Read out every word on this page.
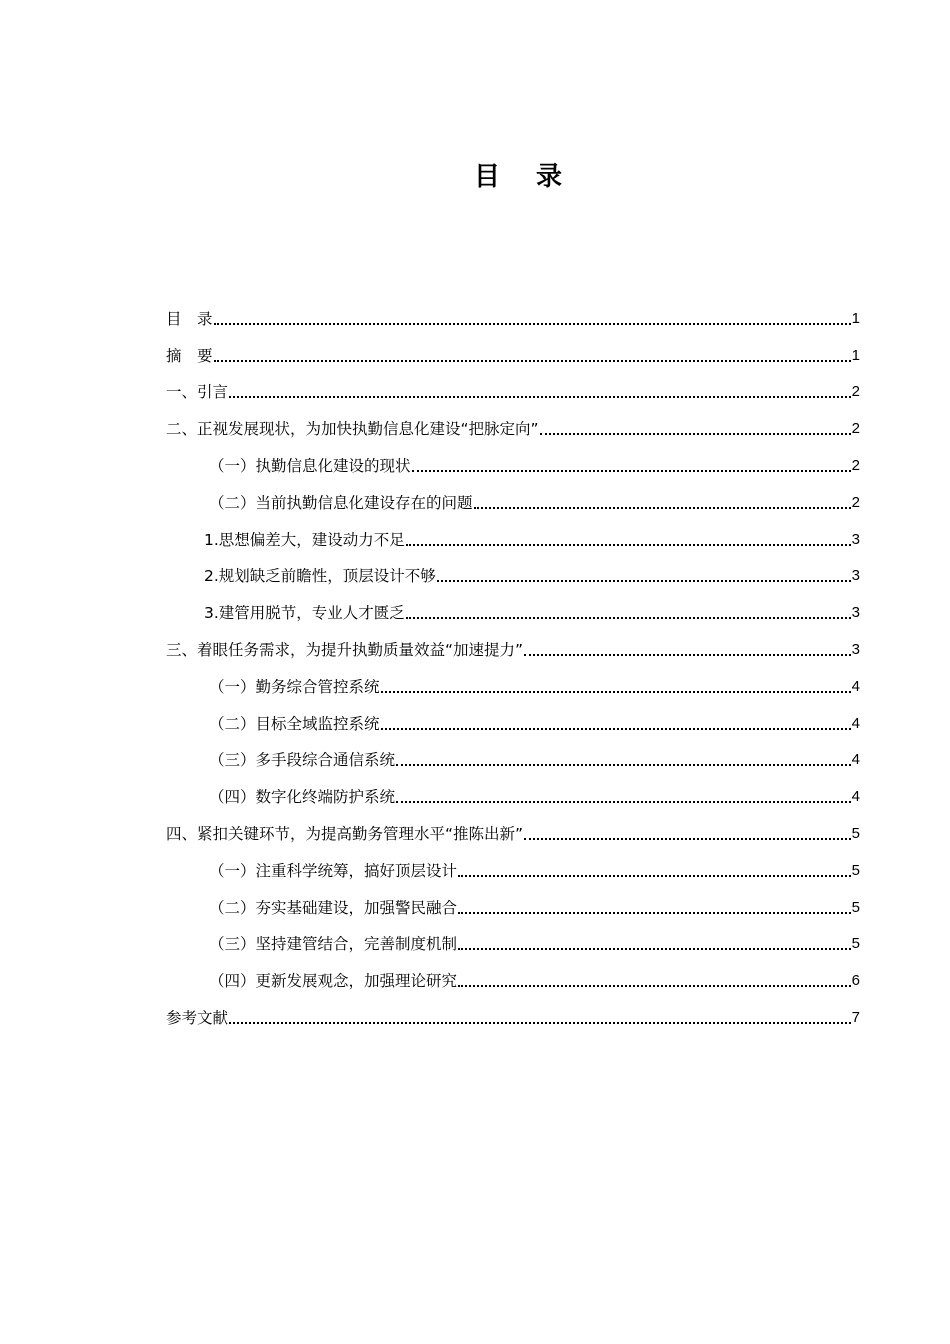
目 录
目　录	1
摘　要	1
一、引言	2
二、正视发展现状，为加快执勤信息化建设“把脉定向”	2
（一）执勤信息化建设的现状	2
（二）当前执勤信息化建设存在的问题	2
1.思想偏差大，建设动力不足	3
2.规划缺乏前瞻性，顶层设计不够	3
3.建管用脱节，专业人才匮乏	3
三、着眼任务需求，为提升执勤质量效益“加速提力”	3
（一）勤务综合管控系统	4
（二）目标全域监控系统	4
（三）多手段综合通信系统	4
（四）数字化终端防护系统	4
四、紧扣关键环节，为提高勤务管理水平“推陈出新”	5
（一）注重科学统筹，搞好顶层设计	5
（二）夯实基础建设，加强警民融合	5
（三）坚持建管结合，完善制度机制	5
（四）更新发展观念，加强理论研究	6
参考文献	7
